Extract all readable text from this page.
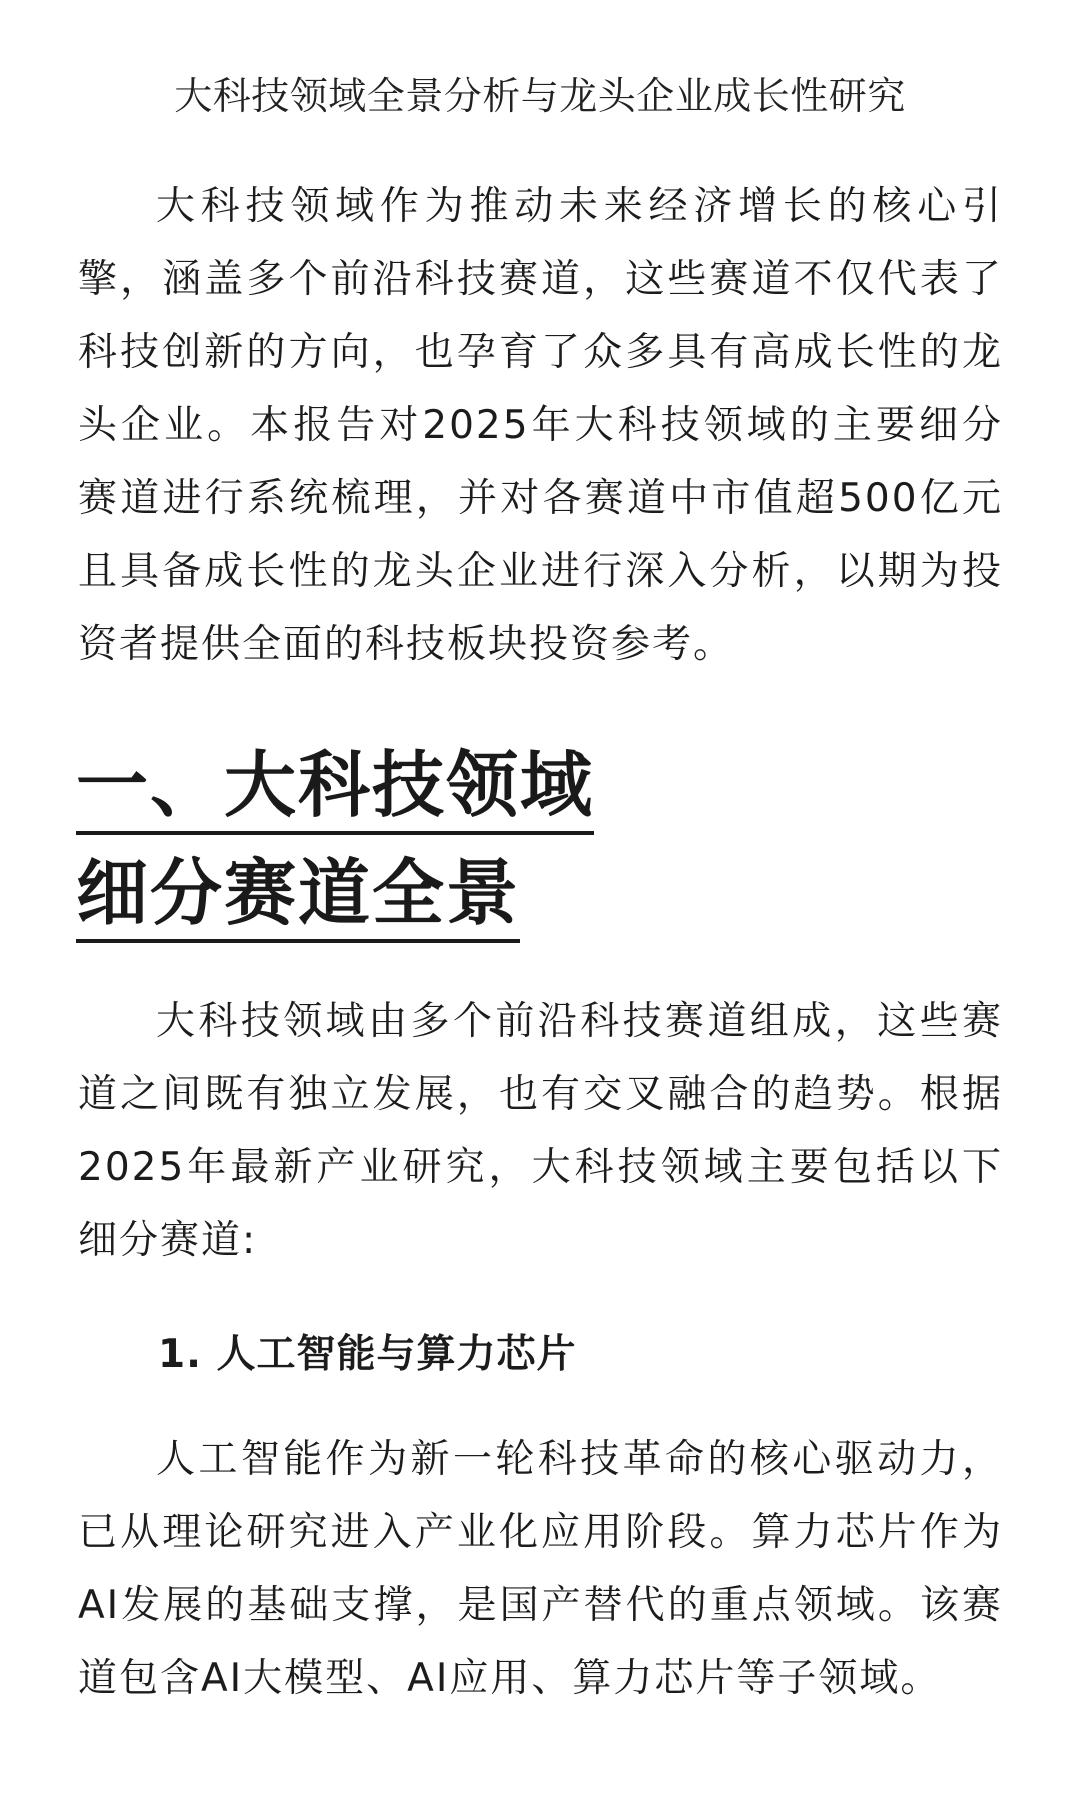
大科技领域全景分析与龙头企业成长性研究

大科技领域作为推动未来经济增长的核心引擎，涵盖多个前沿科技赛道，这些赛道不仅代表了科技创新的方向，也孕育了众多具有高成长性的龙头企业。本报告对2025年大科技领域的主要细分赛道进行系统梳理，并对各赛道中市值超500亿元且具备成长性的龙头企业进行深入分析，以期为投资者提供全面的科技板块投资参考。

一、大科技领域
细分赛道全景

大科技领域由多个前沿科技赛道组成，这些赛道之间既有独立发展，也有交叉融合的趋势。根据2025年最新产业研究，大科技领域主要包括以下细分赛道:

1. 人工智能与算力芯片

人工智能作为新一轮科技革命的核心驱动力，已从理论研究进入产业化应用阶段。算力芯片作为AI发展的基础支撑，是国产替代的重点领域。该赛道包含AI大模型、AI应用、算力芯片等子领域。
